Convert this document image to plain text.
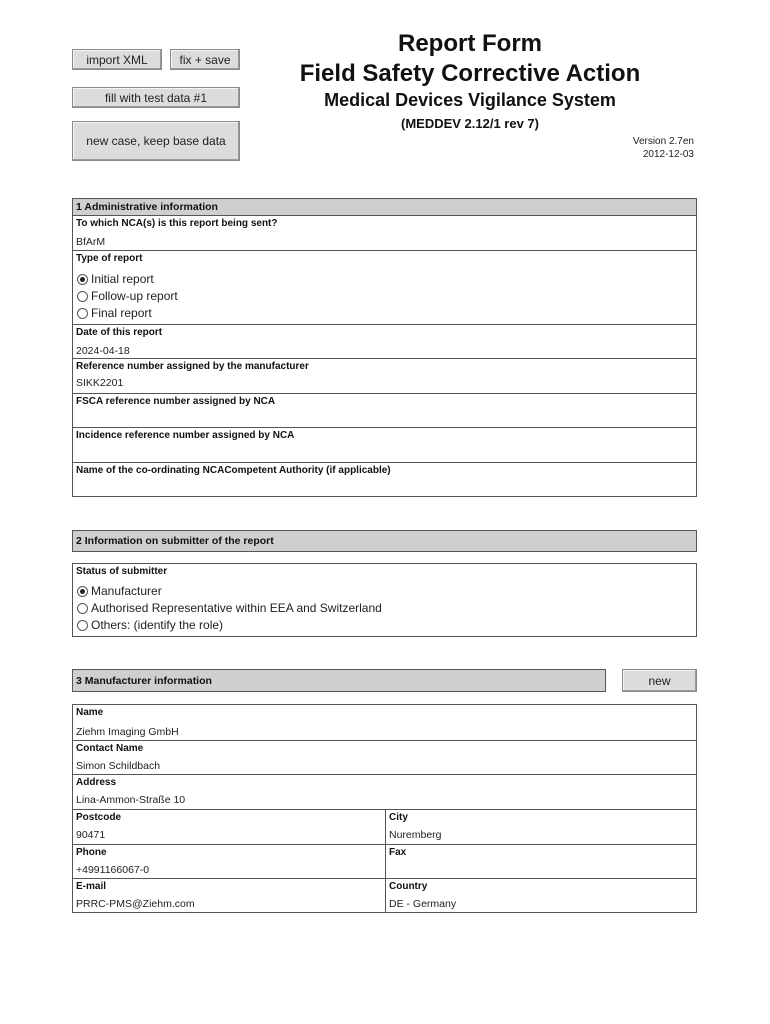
import XML	fix + save
fill with test data #1
new case, keep base data
Report Form
Field Safety Corrective Action
Medical Devices Vigilance System
(MEDDEV 2.12/1 rev 7)
Version 2.7en
2012-12-03
1 Administrative information
To which NCA(s) is this report being sent?
BfArM
Type of report
Initial report
Follow-up report
Final report
Date of this report
2024-04-18
Reference number assigned by the manufacturer
SIKK2201
FSCA reference number assigned by NCA
Incidence reference number assigned by NCA
Name of the co-ordinating NCACompetent Authority (if applicable)
2 Information on submitter of the report
Status of submitter
Manufacturer
Authorised Representative within EEA and Switzerland
Others: (identify the role)
3 Manufacturer information	new
Name
Ziehm Imaging GmbH
Contact Name
Simon Schildbach
Address
Lina-Ammon-Straße 10
Postcode
90471
City
Nuremberg
Phone
+4991166067-0
Fax
E-mail
PRRC-PMS@Ziehm.com
Country
DE - Germany
